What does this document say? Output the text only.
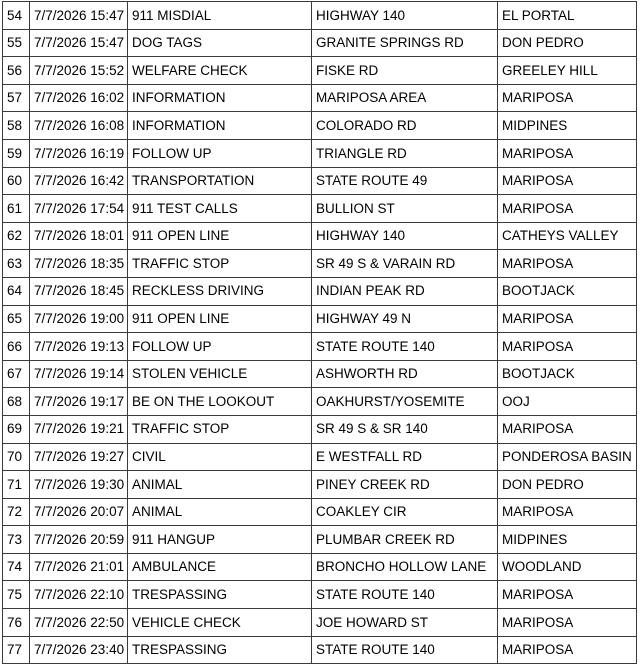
54	7/7/2026 15:47	911 MISDIAL	HIGHWAY 140	EL PORTAL
55	7/7/2026 15:47	DOG TAGS	GRANITE SPRINGS RD	DON PEDRO
56	7/7/2026 15:52	WELFARE CHECK	FISKE RD	GREELEY HILL
57	7/7/2026 16:02	INFORMATION	MARIPOSA AREA	MARIPOSA
58	7/7/2026 16:08	INFORMATION	COLORADO RD	MIDPINES
59	7/7/2026 16:19	FOLLOW UP	TRIANGLE RD	MARIPOSA
60	7/7/2026 16:42	TRANSPORTATION	STATE ROUTE 49	MARIPOSA
61	7/7/2026 17:54	911 TEST CALLS	BULLION ST	MARIPOSA
62	7/7/2026 18:01	911 OPEN LINE	HIGHWAY 140	CATHEYS VALLEY
63	7/7/2026 18:35	TRAFFIC STOP	SR 49 S & VARAIN RD	MARIPOSA
64	7/7/2026 18:45	RECKLESS DRIVING	INDIAN PEAK RD	BOOTJACK
65	7/7/2026 19:00	911 OPEN LINE	HIGHWAY 49 N	MARIPOSA
66	7/7/2026 19:13	FOLLOW UP	STATE ROUTE 140	MARIPOSA
67	7/7/2026 19:14	STOLEN VEHICLE	ASHWORTH RD	BOOTJACK
68	7/7/2026 19:17	BE ON THE LOOKOUT	OAKHURST/YOSEMITE	OOJ
69	7/7/2026 19:21	TRAFFIC STOP	SR 49 S & SR 140	MARIPOSA
70	7/7/2026 19:27	CIVIL	E WESTFALL RD	PONDEROSA BASIN
71	7/7/2026 19:30	ANIMAL	PINEY CREEK RD	DON PEDRO
72	7/7/2026 20:07	ANIMAL	COAKLEY CIR	MARIPOSA
73	7/7/2026 20:59	911 HANGUP	PLUMBAR CREEK RD	MIDPINES
74	7/7/2026 21:01	AMBULANCE	BRONCHO HOLLOW LANE	WOODLAND
75	7/7/2026 22:10	TRESPASSING	STATE ROUTE 140	MARIPOSA
76	7/7/2026 22:50	VEHICLE CHECK	JOE HOWARD ST	MARIPOSA
77	7/7/2026 23:40	TRESPASSING	STATE ROUTE 140	MARIPOSA
